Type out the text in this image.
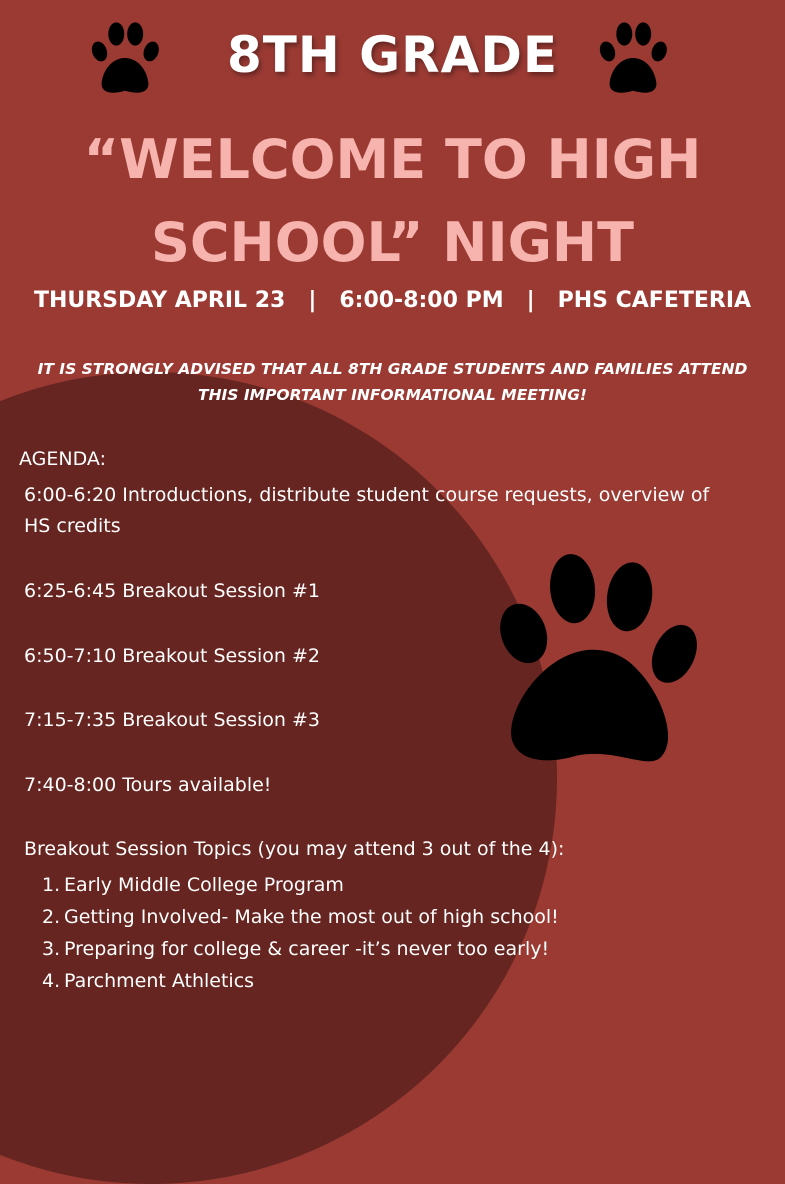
8TH GRADE
“WELCOME TO HIGH SCHOOL” NIGHT
THURSDAY APRIL 23   |   6:00-8:00 PM   |   PHS CAFETERIA
IT IS STRONGLY ADVISED THAT ALL 8TH GRADE STUDENTS AND FAMILIES ATTEND THIS IMPORTANT INFORMATIONAL MEETING!
AGENDA:
6:00-6:20 Introductions, distribute student course requests, overview of HS credits
6:25-6:45 Breakout Session #1
6:50-7:10 Breakout Session #2
7:15-7:35 Breakout Session #3
7:40-8:00 Tours available!
Breakout Session Topics (you may attend 3 out of the 4):
1. Early Middle College Program
2. Getting Involved- Make the most out of high school!
3. Preparing for college & career -it’s never too early!
4. Parchment Athletics
